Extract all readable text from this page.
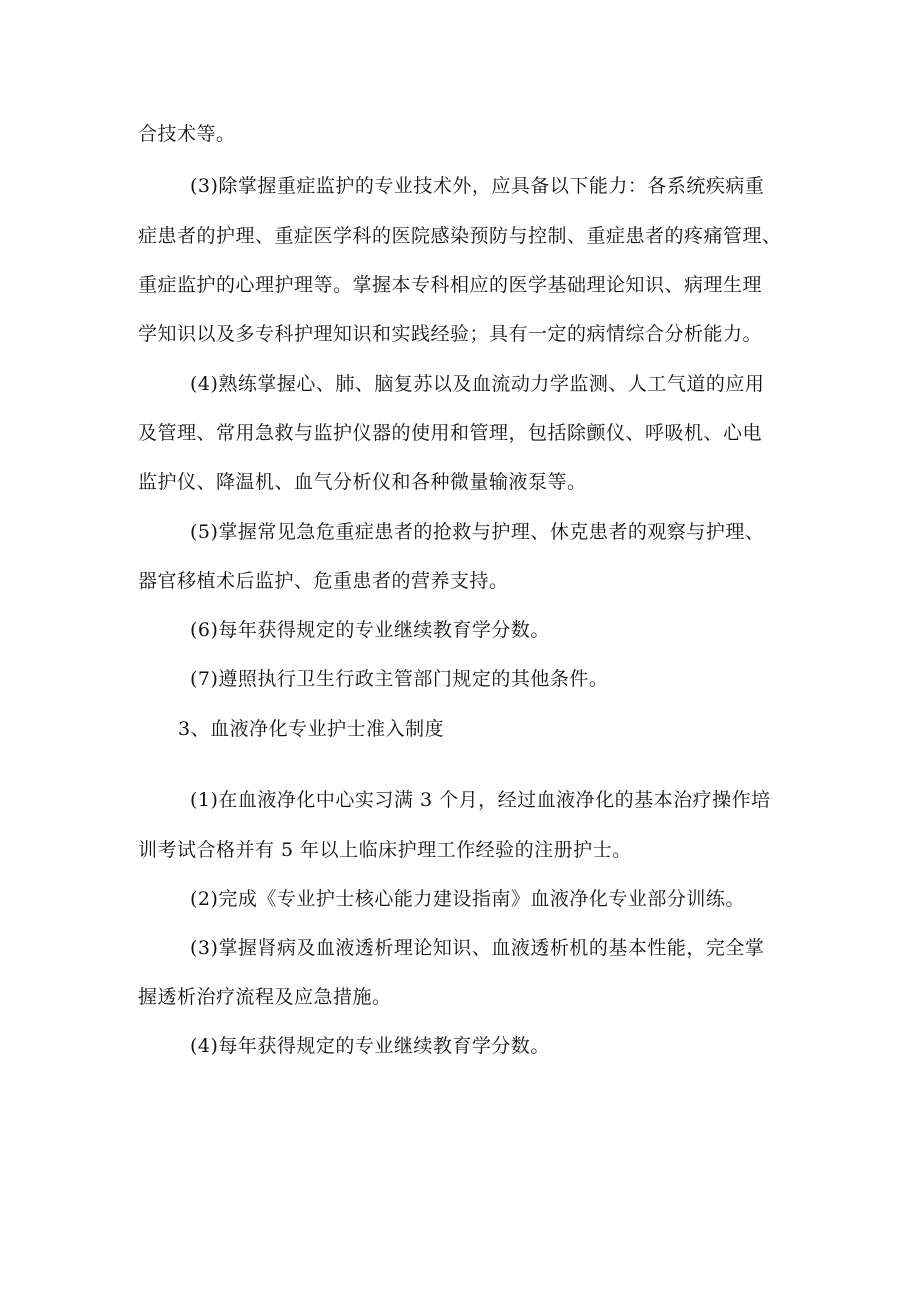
合技术等。
(3)除掌握重症监护的专业技术外，应具备以下能力：各系统疾病重
症患者的护理、重症医学科的医院感染预防与控制、重症患者的疼痛管理、
重症监护的心理护理等。掌握本专科相应的医学基础理论知识、病理生理
学知识以及多专科护理知识和实践经验；具有一定的病情综合分析能力。
(4)熟练掌握心、肺、脑复苏以及血流动力学监测、人工气道的应用
及管理、常用急救与监护仪器的使用和管理，包括除颤仪、呼吸机、心电
监护仪、降温机、血气分析仪和各种微量输液泵等。
(5)掌握常见急危重症患者的抢救与护理、休克患者的观察与护理、
器官移植术后监护、危重患者的营养支持。
(6)每年获得规定的专业继续教育学分数。
(7)遵照执行卫生行政主管部门规定的其他条件。
3、血液净化专业护士准入制度
(1)在血液净化中心实习满 3 个月，经过血液净化的基本治疗操作培
训考试合格并有 5 年以上临床护理工作经验的注册护士。
(2)完成《专业护士核心能力建设指南》血液净化专业部分训练。
(3)掌握肾病及血液透析理论知识、血液透析机的基本性能，完全掌
握透析治疗流程及应急措施。
(4)每年获得规定的专业继续教育学分数。
